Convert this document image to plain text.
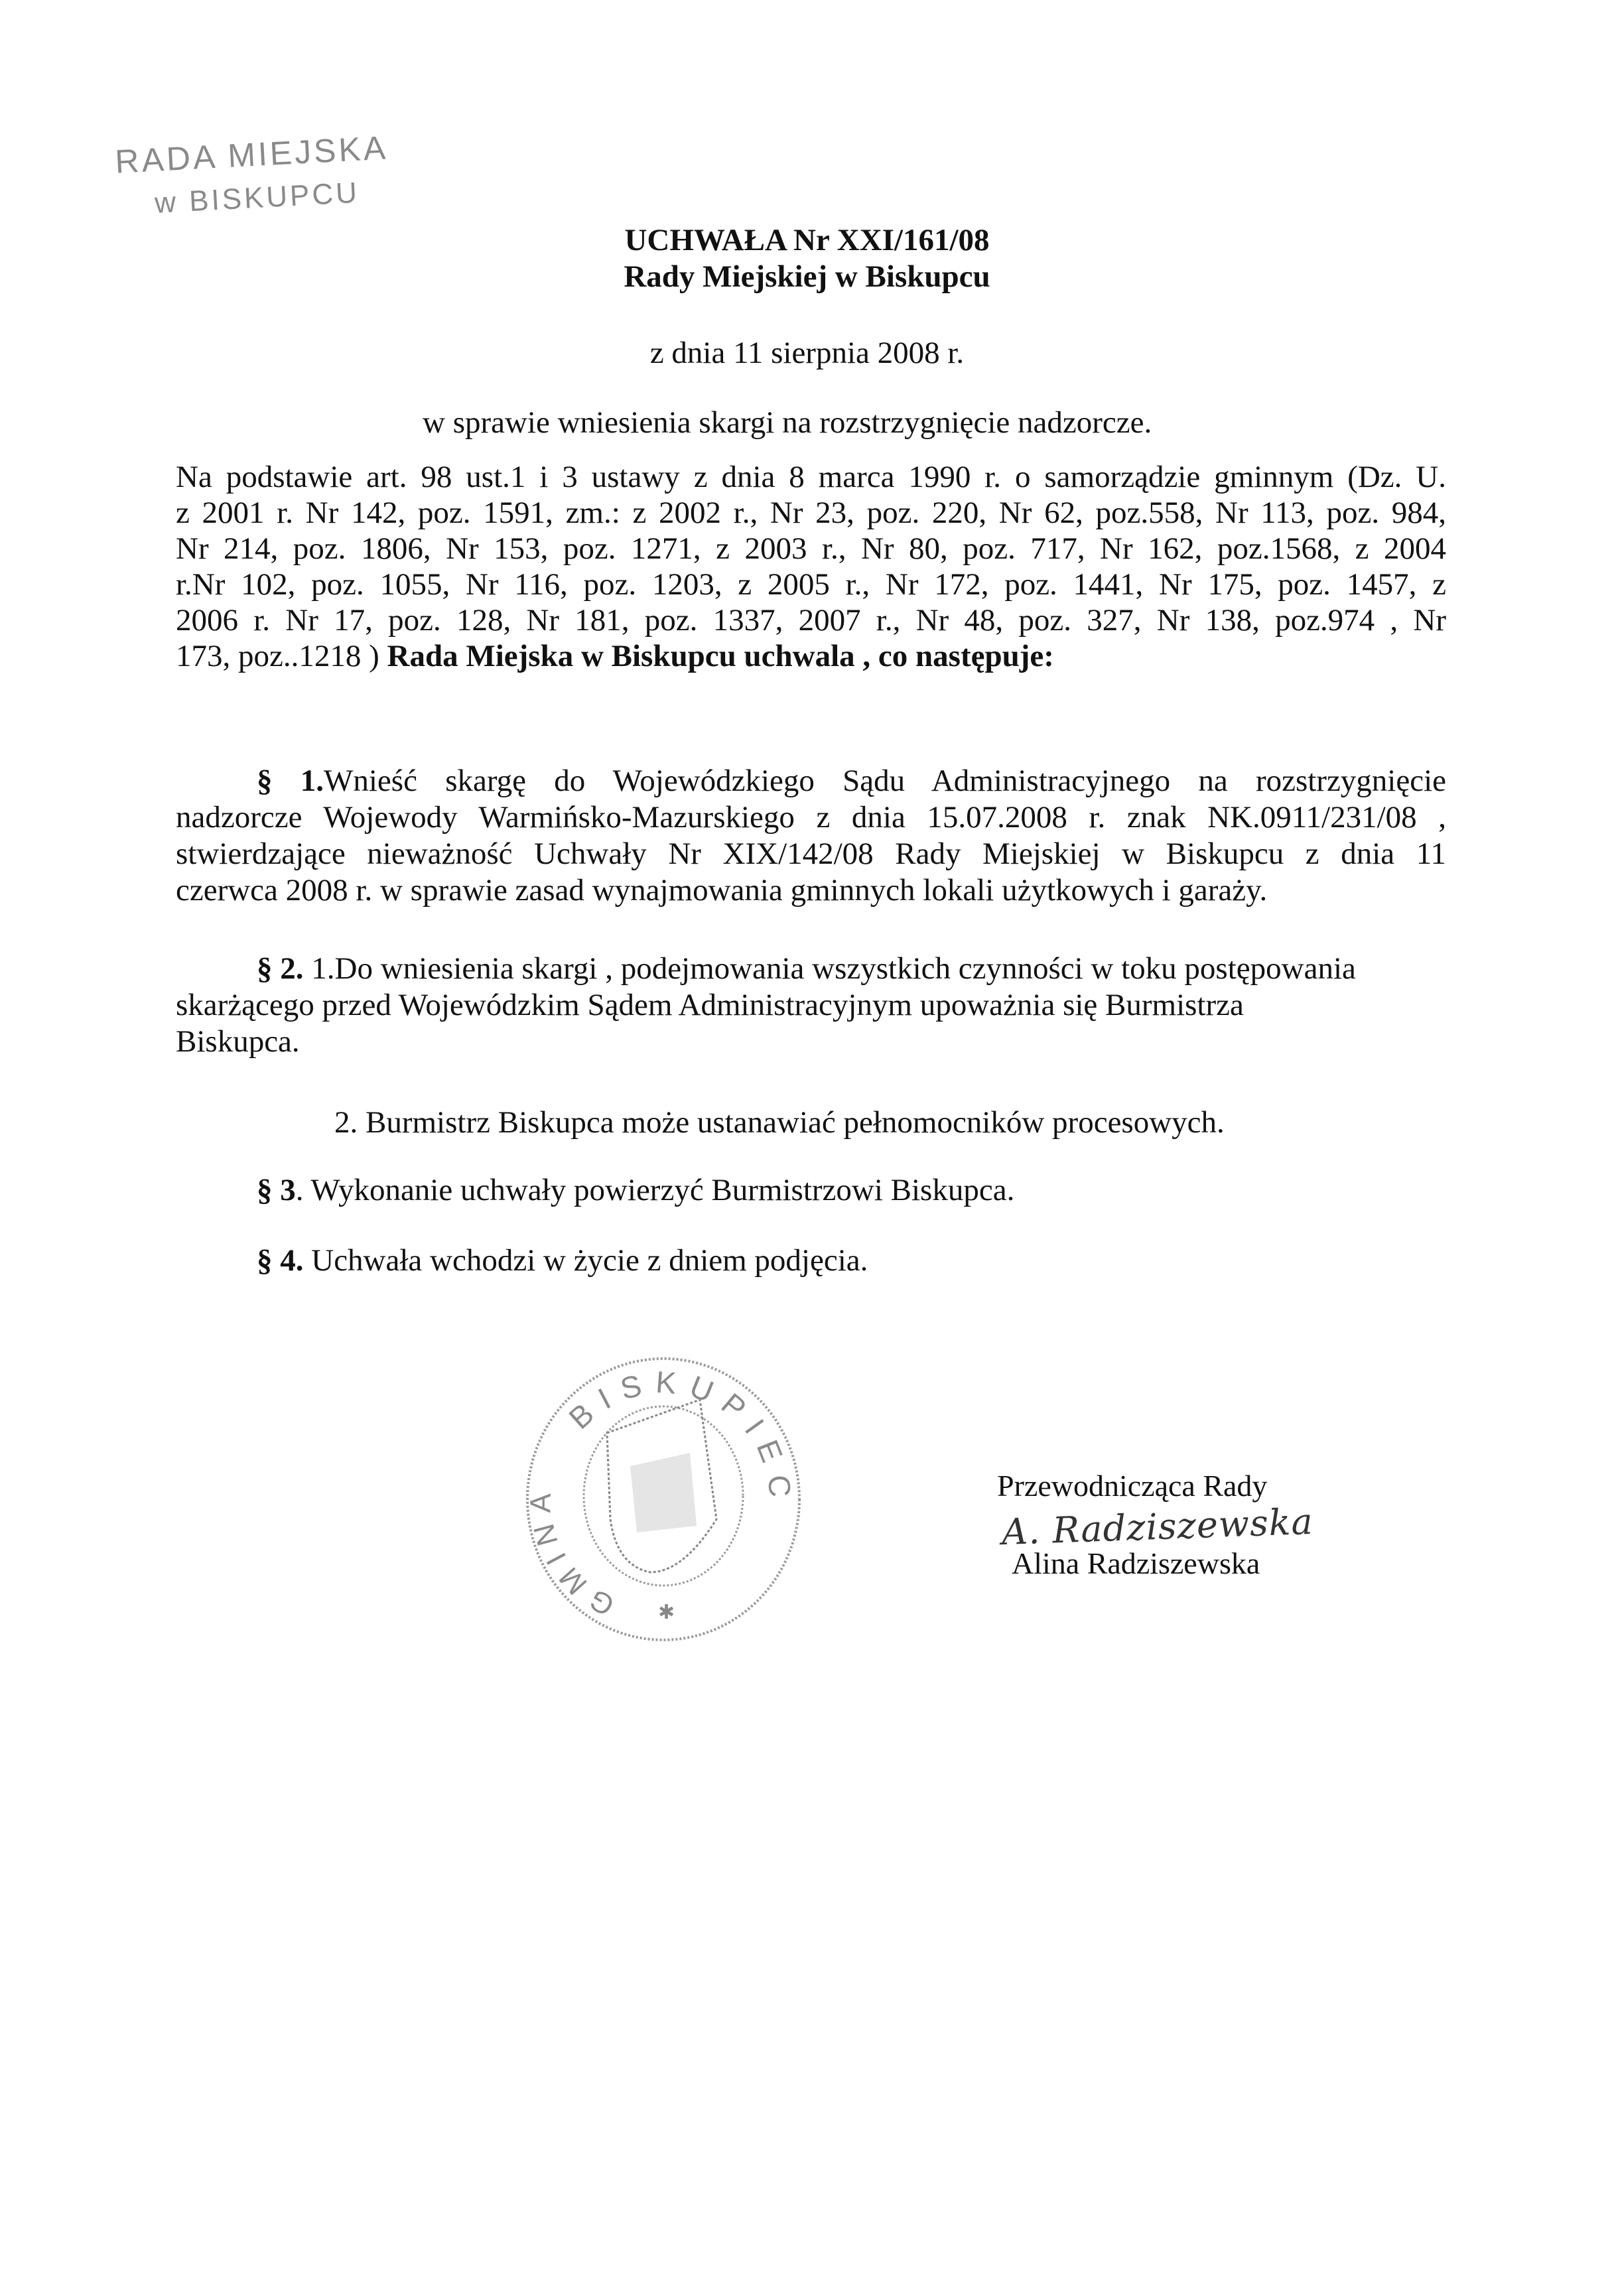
RADA MIEJSKA
w BISKUPCU
UCHWAŁA Nr XXI/161/08
Rady Miejskiej w Biskupcu
z dnia 11 sierpnia 2008 r.
w sprawie wniesienia skargi na rozstrzygnięcie nadzorcze.
Na podstawie art. 98 ust.1 i 3 ustawy z dnia 8 marca 1990 r. o samorządzie gminnym (Dz. U.
z 2001 r. Nr 142, poz. 1591, zm.: z 2002 r., Nr 23, poz. 220, Nr 62, poz.558, Nr 113, poz. 984,
Nr 214, poz. 1806, Nr 153, poz. 1271, z 2003 r., Nr 80, poz. 717, Nr 162, poz.1568, z 2004
r.Nr 102, poz. 1055, Nr 116, poz. 1203, z 2005 r., Nr 172, poz. 1441, Nr 175, poz. 1457, z
2006 r. Nr 17, poz. 128, Nr 181, poz. 1337, 2007 r., Nr 48, poz. 327, Nr 138, poz.974 , Nr
173, poz..1218 ) Rada Miejska w Biskupcu uchwala , co następuje:
§ 1.Wnieść skargę do Wojewódzkiego Sądu Administracyjnego na rozstrzygnięcie
nadzorcze Wojewody Warmińsko-Mazurskiego z dnia 15.07.2008 r. znak NK.0911/231/08 ,
stwierdzające nieważność Uchwały Nr XIX/142/08 Rady Miejskiej w Biskupcu z dnia 11
czerwca 2008 r. w sprawie zasad wynajmowania gminnych lokali użytkowych i garaży.
§ 2. 1.Do wniesienia skargi , podejmowania wszystkich czynności w toku postępowania
skarżącego przed Wojewódzkim Sądem Administracyjnym upoważnia się Burmistrza
Biskupca.
2. Burmistrz Biskupca może ustanawiać pełnomocników procesowych.
§ 3. Wykonanie uchwały powierzyć Burmistrzowi Biskupca.
§ 4. Uchwała wchodzi w życie z dniem podjęcia.
BISKUPIEC
GMINA
✱
Przewodnicząca Rady
A. Radziszewska
Alina Radziszewska
